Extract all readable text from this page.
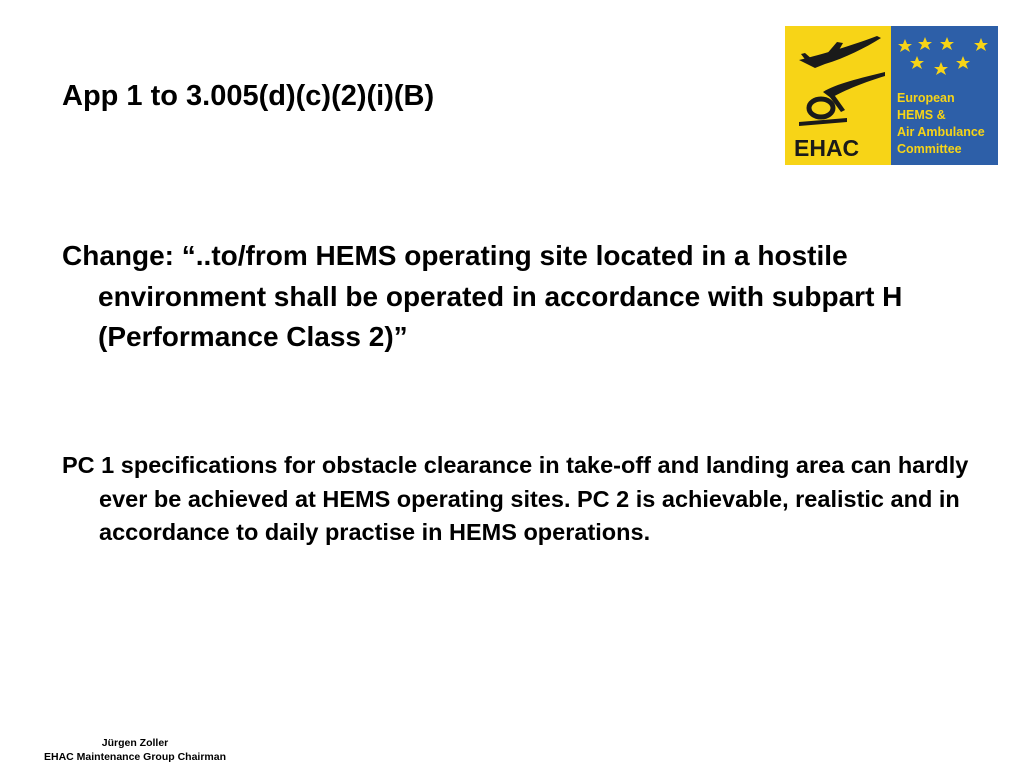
App 1 to 3.005(d)(c)(2)(i)(B)
EHAC
European
HEMS &
Air Ambulance
Committee

Change: “..to/from HEMS operating site located in a hostile environment shall be operated in accordance with subpart H (Performance Class 2)”

PC 1 specifications for obstacle clearance in take-off and landing area can hardly ever be achieved at HEMS operating sites. PC 2 is achievable, realistic and in accordance to daily practise in HEMS operations.

Jürgen Zoller
EHAC Maintenance Group Chairman
